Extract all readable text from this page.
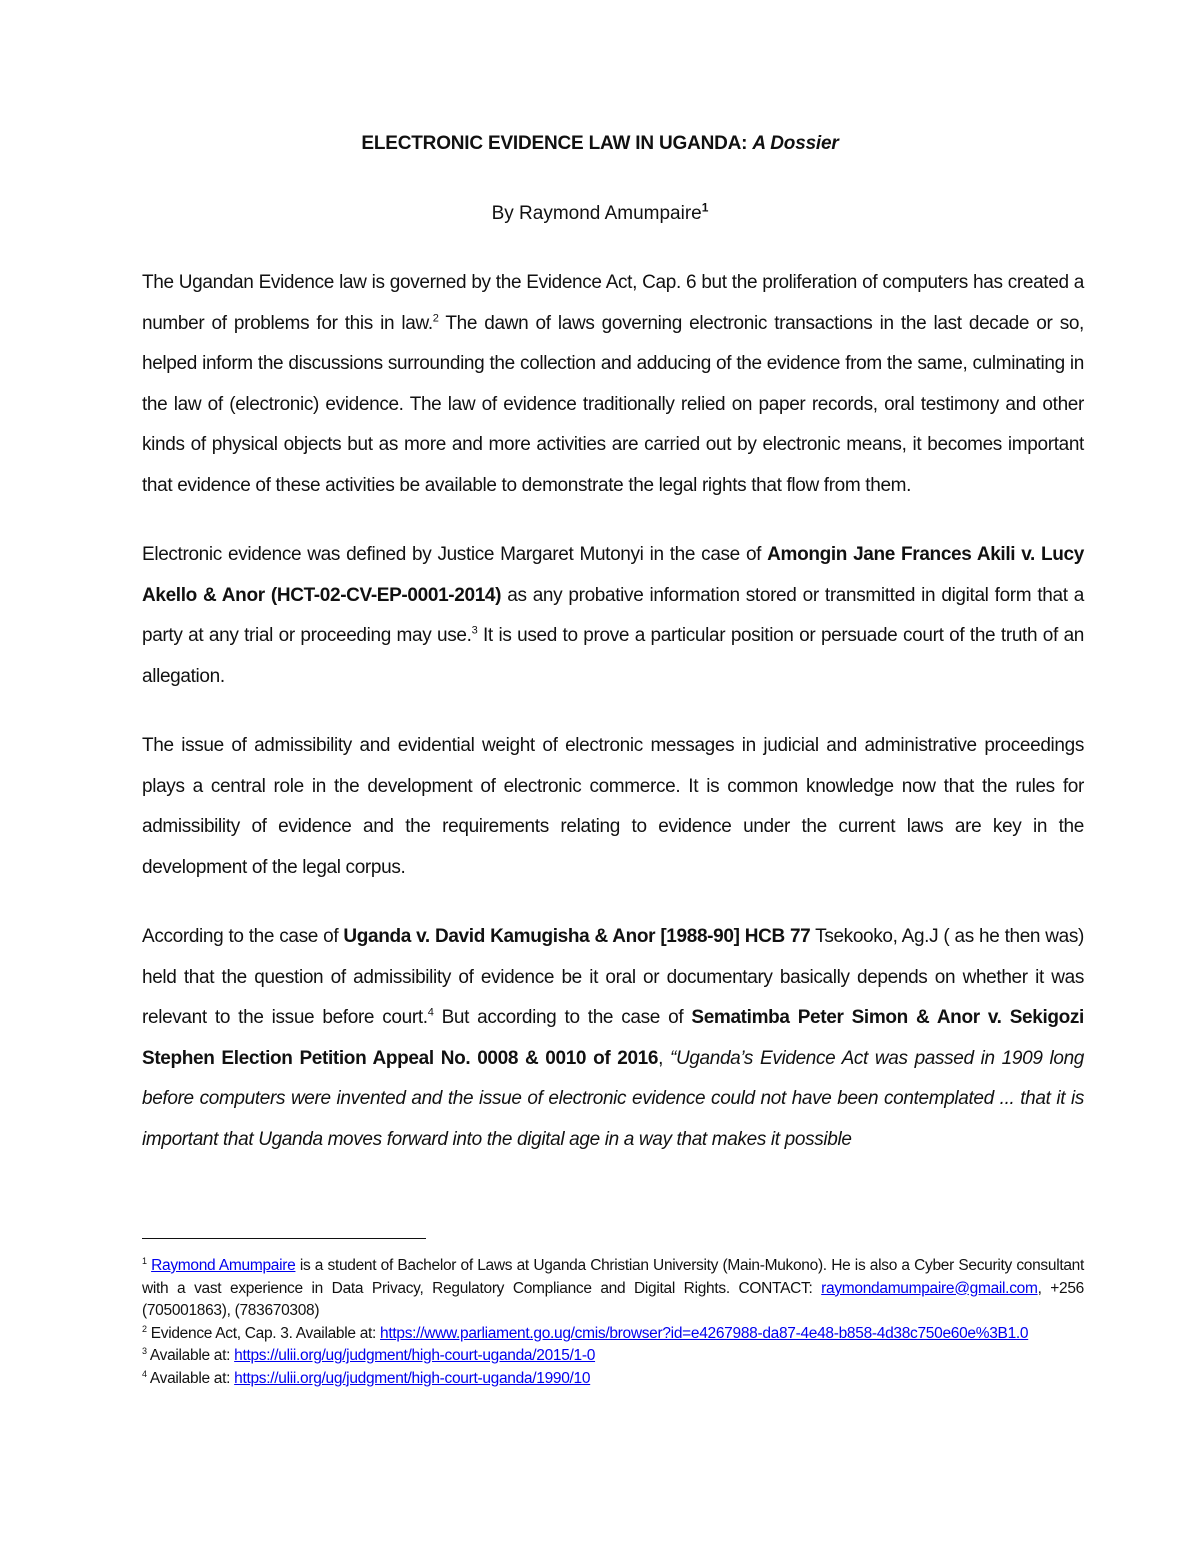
ELECTRONIC EVIDENCE LAW IN UGANDA: A Dossier
By Raymond Amumpaire$^1$

The Ugandan Evidence law is governed by the Evidence Act, Cap. 6 but the proliferation of computers has created a number of problems for this in law.$^2$ The dawn of laws governing electronic transactions in the last decade or so, helped inform the discussions surrounding the collection and adducing of the evidence from the same, culminating in the law of (electronic) evidence. The law of evidence traditionally relied on paper records, oral testimony and other kinds of physical objects but as more and more activities are carried out by electronic means, it becomes important that evidence of these activities be available to demonstrate the legal rights that flow from them.

Electronic evidence was defined by Justice Margaret Mutonyi in the case of Amongin Jane Frances Akili v. Lucy Akello & Anor (HCT-02-CV-EP-0001-2014) as any probative information stored or transmitted in digital form that a party at any trial or proceeding may use.$^3$ It is used to prove a particular position or persuade court of the truth of an allegation.

The issue of admissibility and evidential weight of electronic messages in judicial and administrative proceedings plays a central role in the development of electronic commerce. It is common knowledge now that the rules for admissibility of evidence and the requirements relating to evidence under the current laws are key in the development of the legal corpus.

According to the case of Uganda v. David Kamugisha & Anor [1988-90] HCB 77 Tsekooko, Ag.J ( as he then was) held that the question of admissibility of evidence be it oral or documentary basically depends on whether it was relevant to the issue before court.$^4$ But according to the case of Sematimba Peter Simon & Anor v. Sekigozi Stephen Election Petition Appeal No. 0008 & 0010 of 2016, “Uganda’s Evidence Act was passed in 1909 long before computers were invented and the issue of electronic evidence could not have been contemplated ... that it is important that Uganda moves forward into the digital age in a way that makes it possible

$^1$ Raymond Amumpaire is a student of Bachelor of Laws at Uganda Christian University (Main-Mukono). He is also a Cyber Security consultant with a vast experience in Data Privacy, Regulatory Compliance and Digital Rights. CONTACT: raymondamumpaire@gmail.com, +256 (705001863), (783670308)

$^2$ Evidence Act, Cap. 3. Available at: https://www.parliament.go.ug/cmis/browser?id=e4267988-da87-4e48-b858-4d38c750e60e%3B1.0

$^3$ Available at: https://ulii.org/ug/judgment/high-court-uganda/2015/1-0

$^4$ Available at: https://ulii.org/ug/judgment/high-court-uganda/1990/10
